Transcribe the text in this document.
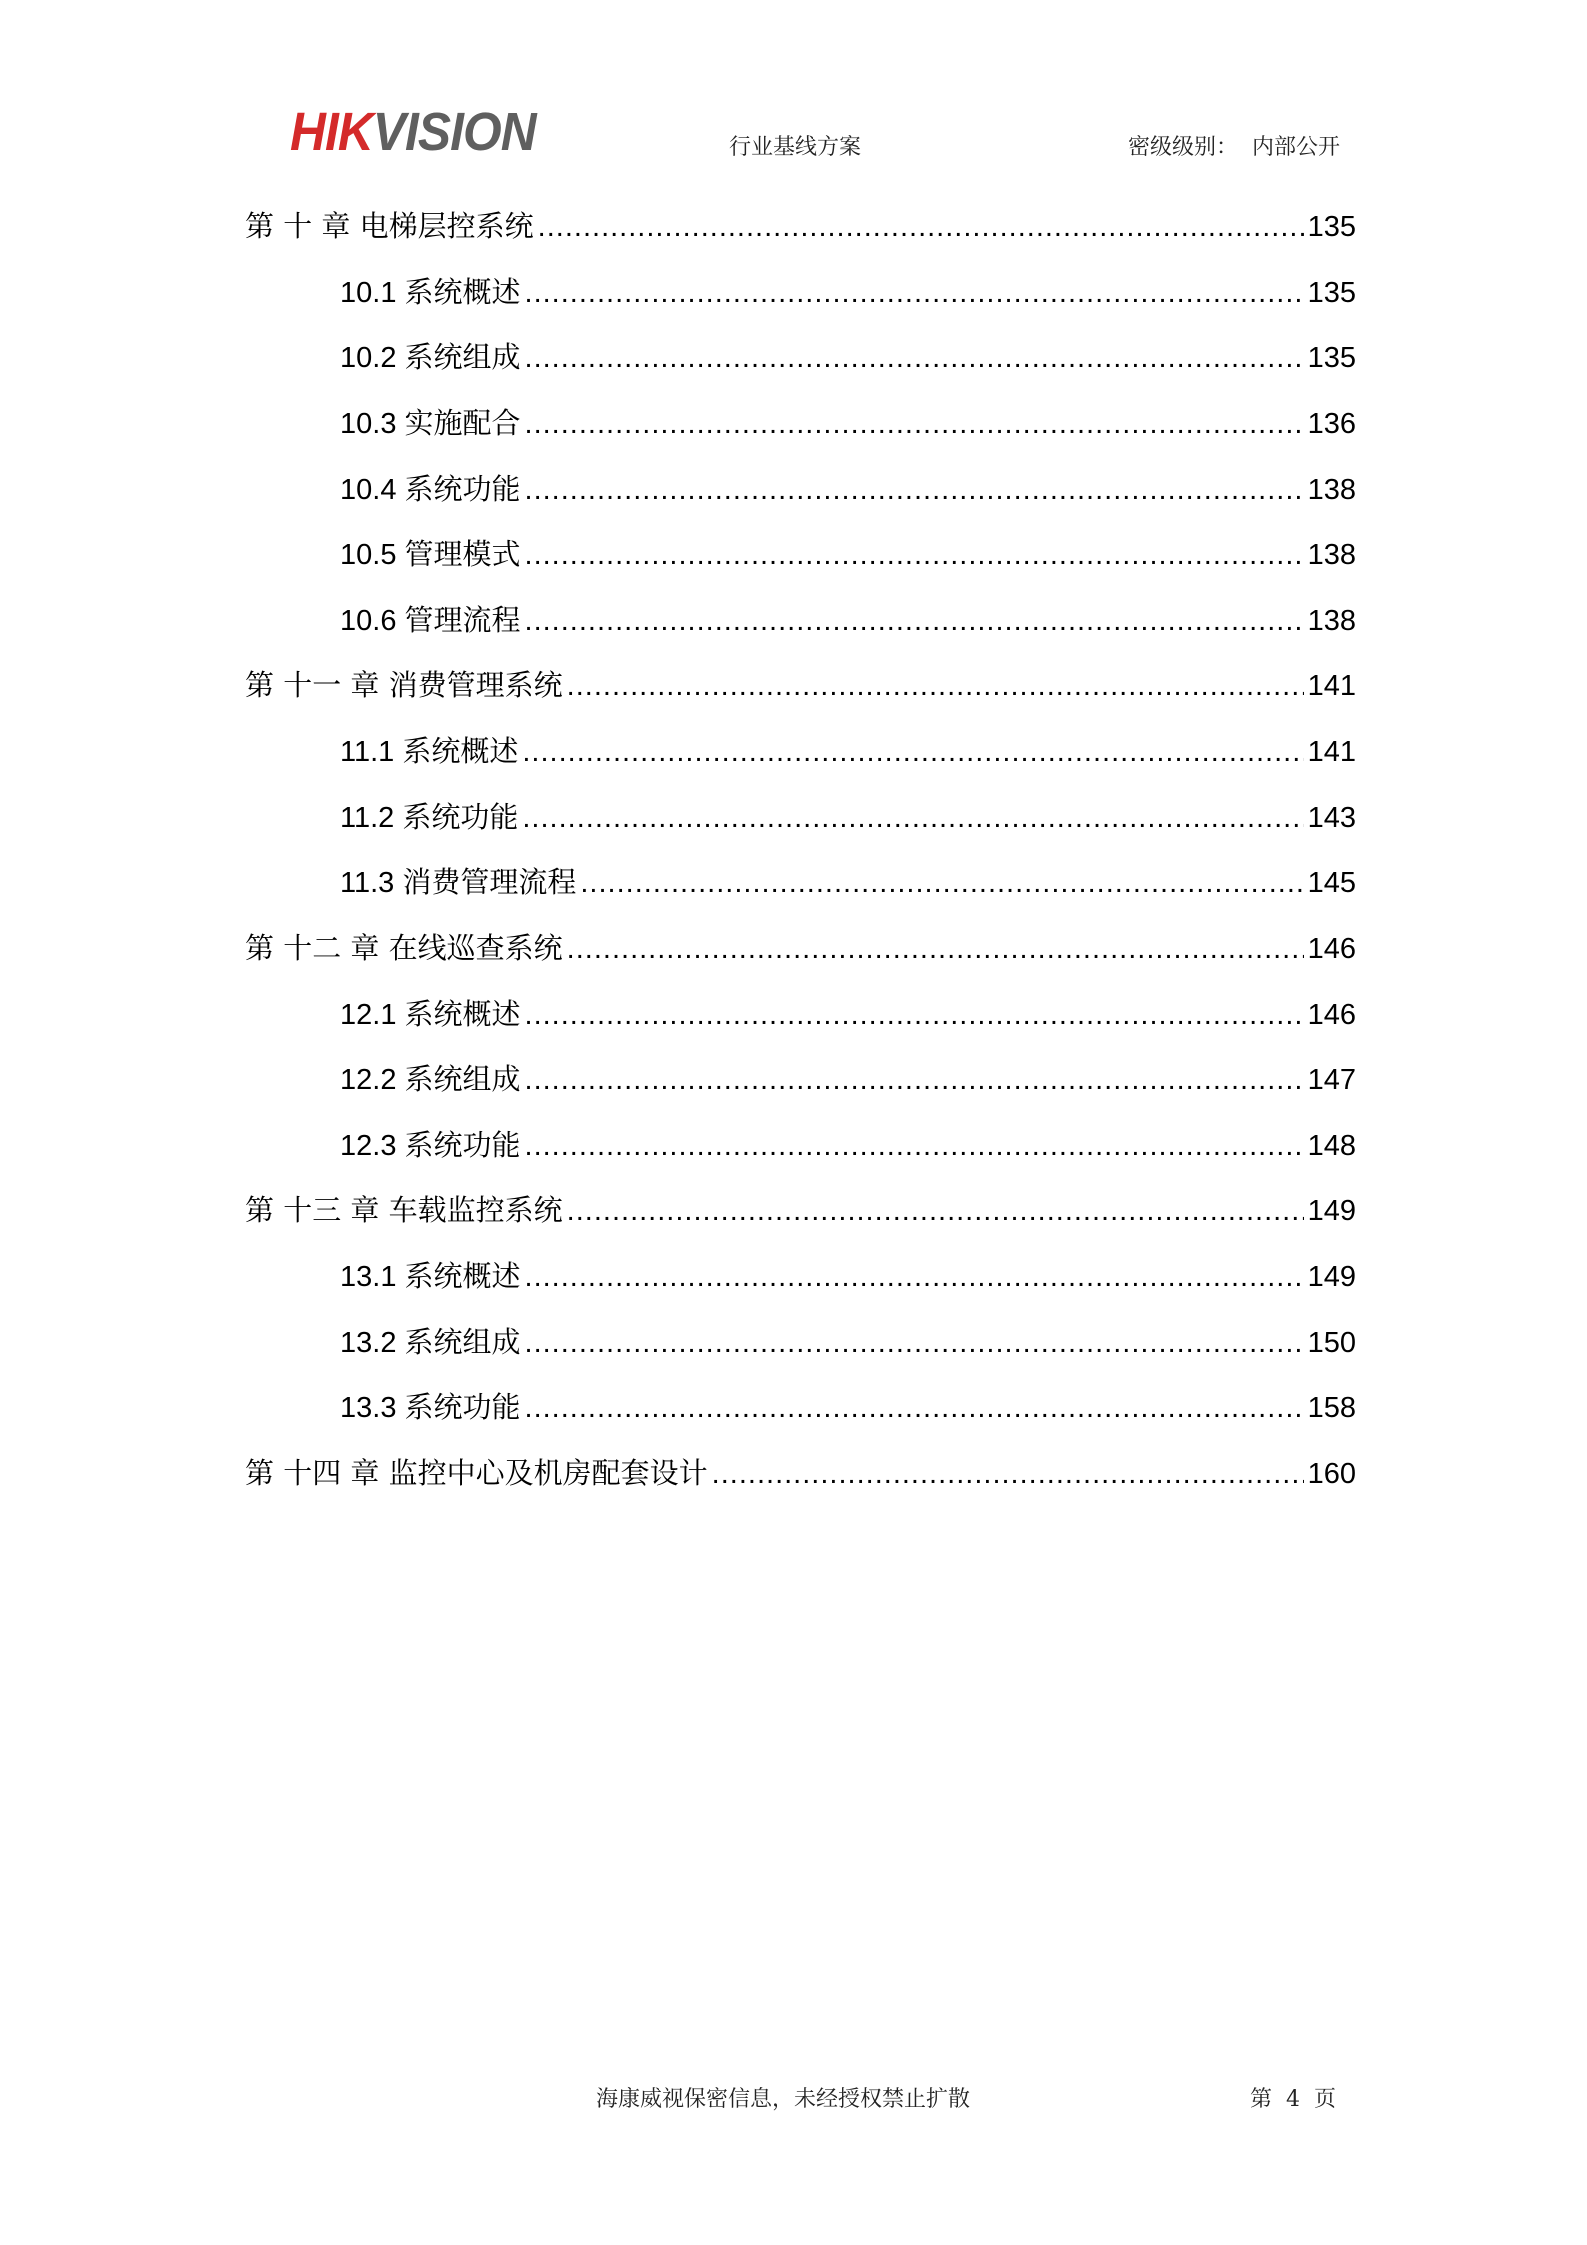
HIKVISION	行业基线方案	密级级别：  内部公开
第 十 章 电梯层控系统 .....	135
10.1 系统概述 .....	135
10.2 系统组成 .....	135
10.3 实施配合 .....	136
10.4 系统功能 .....	138
10.5 管理模式 .....	138
10.6 管理流程 .....	138
第 十一 章 消费管理系统 .....	141
11.1 系统概述 .....	141
11.2 系统功能 .....	143
11.3 消费管理流程 .....	145
第 十二 章 在线巡查系统 .....	146
12.1 系统概述 .....	146
12.2 系统组成 .....	147
12.3 系统功能 .....	148
第 十三 章 车载监控系统 .....	149
13.1 系统概述 .....	149
13.2 系统组成 .....	150
13.3 系统功能 .....	158
第 十四 章 监控中心及机房配套设计 .....	160
海康威视保密信息，未经授权禁止扩散	第  4  页
